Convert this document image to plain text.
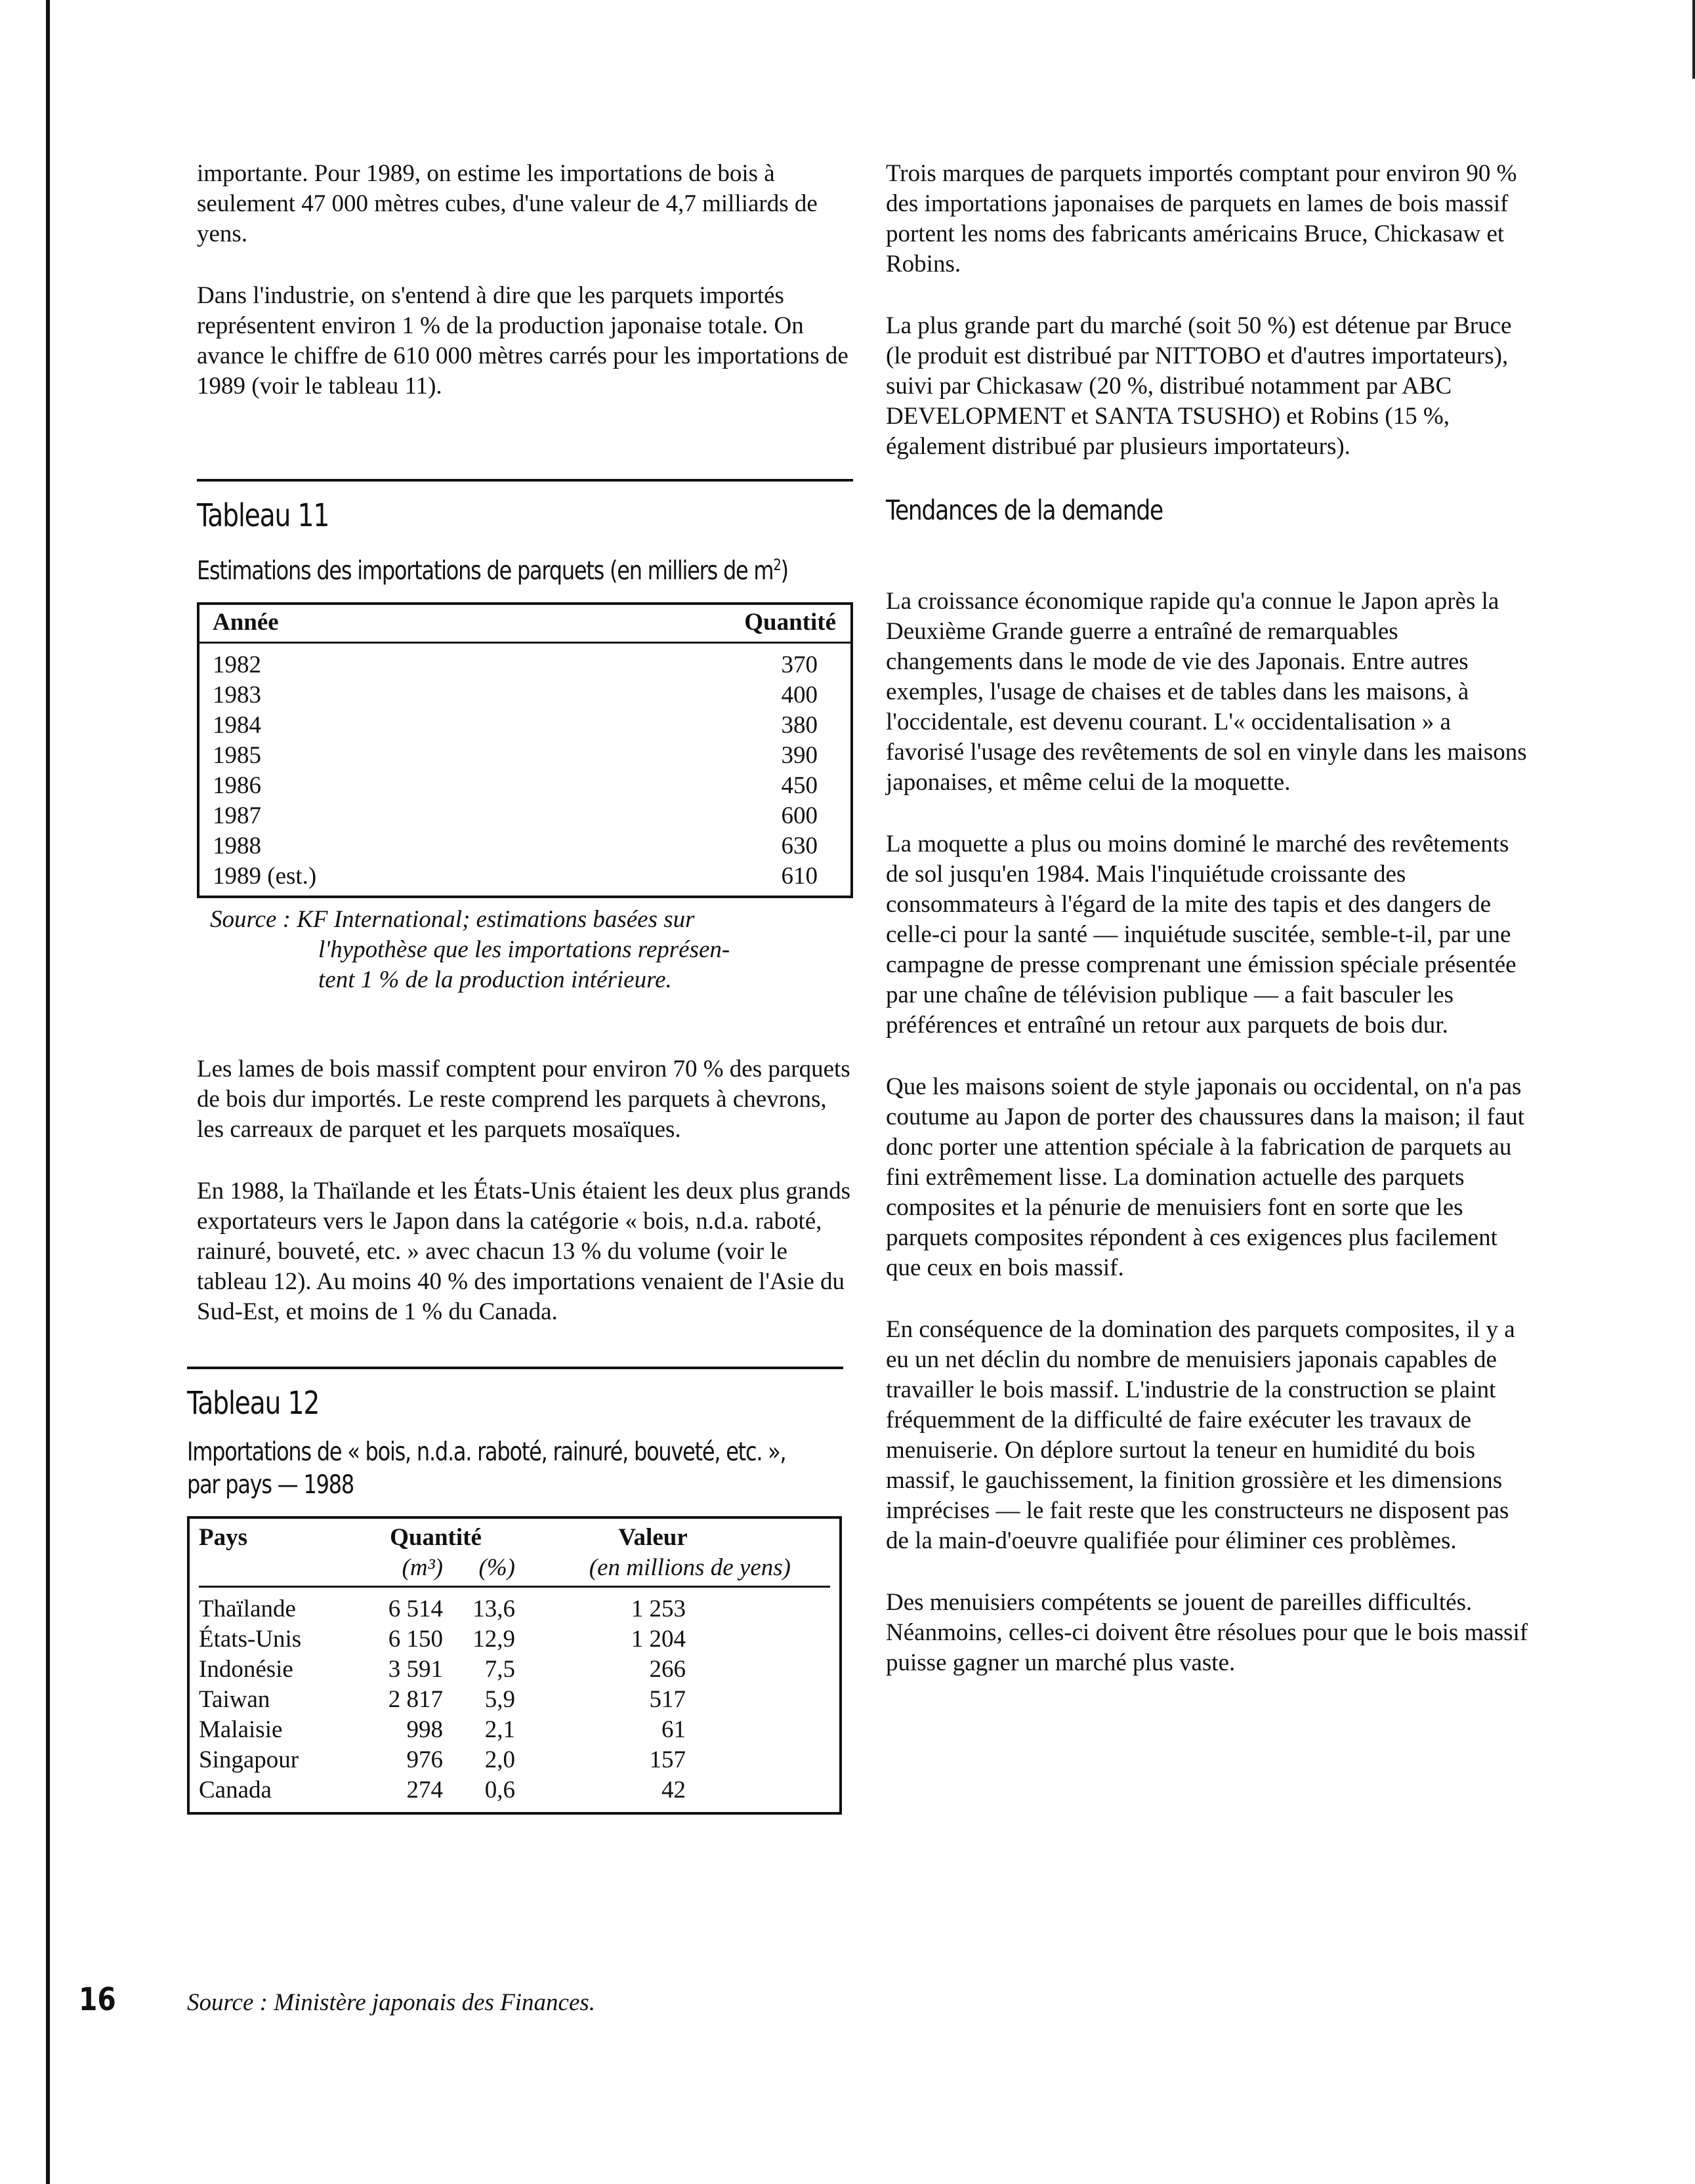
importante. Pour 1989, on estime les importations de bois à seulement 47 000 mètres cubes, d'une valeur de 4,7 milliards de yens.

Dans l'industrie, on s'entend à dire que les parquets importés représentent environ 1 % de la production japonaise totale. On avance le chiffre de 610 000 mètres carrés pour les importations de 1989 (voir le tableau 11).

Tableau 11
Estimations des importations de parquets (en milliers de $m^2$)
Année	Quantité
1982	370
1983	400
1984	380
1985	390
1986	450
1987	600
1988	630
1989 (est.)	610
Source : KF International; estimations basées sur
l'hypothèse que les importations représen-
tent 1 % de la production intérieure.

Les lames de bois massif comptent pour environ 70 % des parquets de bois dur importés. Le reste comprend les parquets à chevrons, les carreaux de parquet et les parquets mosaïques.

En 1988, la Thaïlande et les États-Unis étaient les deux plus grands exportateurs vers le Japon dans la catégorie « bois, n.d.a. raboté, rainuré, bouveté, etc. » avec chacun 13 % du volume (voir le tableau 12). Au moins 40 % des importations venaient de l'Asie du Sud-Est, et moins de 1 % du Canada.

Tableau 12
Importations de « bois, n.d.a. raboté, rainuré, bouveté, etc. »,
par pays — 1988
Pays	Quantité	Valeur
(m³)	(%)	(en millions de yens)
Thaïlande	6 514	13,6	1 253
États-Unis	6 150	12,9	1 204
Indonésie	3 591	7,5	266
Taiwan	2 817	5,9	517
Malaisie	998	2,1	61
Singapour	976	2,0	157
Canada	274	0,6	42
16	Source : Ministère japonais des Finances.

Trois marques de parquets importés comptant pour environ 90 % des importations japonaises de parquets en lames de bois massif portent les noms des fabricants américains Bruce, Chickasaw et Robins.

La plus grande part du marché (soit 50 %) est détenue par Bruce (le produit est distribué par NITTOBO et d'autres importateurs), suivi par Chickasaw (20 %, distribué notamment par ABC DEVELOPMENT et SANTA TSUSHO) et Robins (15 %, également distribué par plusieurs importateurs).

Tendances de la demande

La croissance économique rapide qu'a connue le Japon après la Deuxième Grande guerre a entraîné de remarquables changements dans le mode de vie des Japonais. Entre autres exemples, l'usage de chaises et de tables dans les maisons, à l'occidentale, est devenu courant. L'« occidentalisation » a favorisé l'usage des revêtements de sol en vinyle dans les maisons japonaises, et même celui de la moquette.

La moquette a plus ou moins dominé le marché des revêtements de sol jusqu'en 1984. Mais l'inquiétude croissante des consommateurs à l'égard de la mite des tapis et des dangers de celle-ci pour la santé — inquiétude suscitée, semble-t-il, par une campagne de presse comprenant une émission spéciale présentée par une chaîne de télévision publique — a fait basculer les préférences et entraîné un retour aux parquets de bois dur.

Que les maisons soient de style japonais ou occidental, on n'a pas coutume au Japon de porter des chaussures dans la maison; il faut donc porter une attention spéciale à la fabrication de parquets au fini extrêmement lisse. La domination actuelle des parquets composites et la pénurie de menuisiers font en sorte que les parquets composites répondent à ces exigences plus facilement que ceux en bois massif.

En conséquence de la domination des parquets composites, il y a eu un net déclin du nombre de menuisiers japonais capables de travailler le bois massif. L'industrie de la construction se plaint fréquemment de la difficulté de faire exécuter les travaux de menuiserie. On déplore surtout la teneur en humidité du bois massif, le gauchissement, la finition grossière et les dimensions imprécises — le fait reste que les constructeurs ne disposent pas de la main-d'oeuvre qualifiée pour éliminer ces problèmes.

Des menuisiers compétents se jouent de pareilles difficultés. Néanmoins, celles-ci doivent être résolues pour que le bois massif puisse gagner un marché plus vaste.
